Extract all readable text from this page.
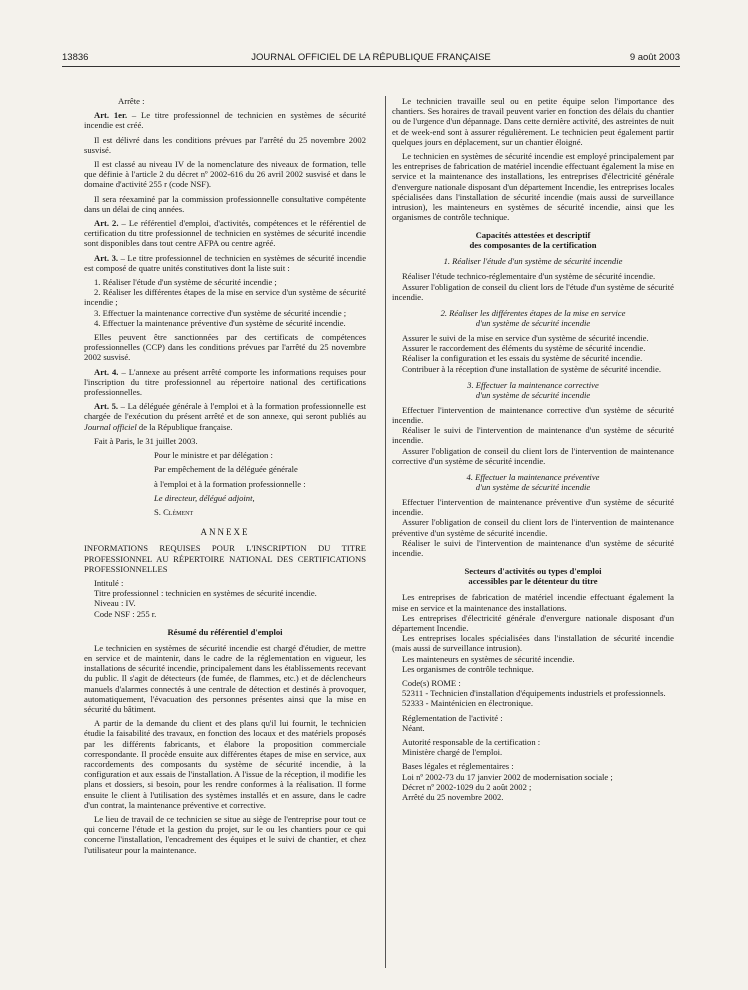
13836	JOURNAL OFFICIEL DE LA RÉPUBLIQUE FRANÇAISE	9 août 2003

Arrête :

Art. 1er. – Le titre professionnel de technicien en systèmes de sécurité incendie est créé.

Il est délivré dans les conditions prévues par l'arrêté du 25 novembre 2002 susvisé.

Il est classé au niveau IV de la nomenclature des niveaux de formation, telle que définie à l'article 2 du décret nº 2002-616 du 26 avril 2002 susvisé et dans le domaine d'activité 255 r (code NSF).

Il sera réexaminé par la commission professionnelle consultative compétente dans un délai de cinq années.

Art. 2. – Le référentiel d'emploi, d'activités, compétences et le référentiel de certification du titre professionnel de technicien en systèmes de sécurité incendie sont disponibles dans tout centre AFPA ou centre agréé.

Art. 3. – Le titre professionnel de technicien en systèmes de sécurité incendie est composé de quatre unités constitutives dont la liste suit :

1. Réaliser l'étude d'un système de sécurité incendie ;

2. Réaliser les différentes étapes de la mise en service d'un système de sécurité incendie ;

3. Effectuer la maintenance corrective d'un système de sécurité incendie ;

4. Effectuer la maintenance préventive d'un système de sécurité incendie.

Elles peuvent être sanctionnées par des certificats de compétences professionnelles (CCP) dans les conditions prévues par l'arrêté du 25 novembre 2002 susvisé.

Art. 4. – L'annexe au présent arrêté comporte les informations requises pour l'inscription du titre professionnel au répertoire national des certifications professionnelles.

Art. 5. – La déléguée générale à l'emploi et à la formation professionnelle est chargée de l'exécution du présent arrêté et de son annexe, qui seront publiés au Journal officiel de la République française.

Fait à Paris, le 31 juillet 2003.

Pour le ministre et par délégation :

Par empêchement de la déléguée générale

à l'emploi et à la formation professionnelle :

Le directeur, délégué adjoint,

S. Clément

ANNEXE

INFORMATIONS REQUISES POUR L'INSCRIPTION DU TITRE PROFESSIONNEL AU RÉPERTOIRE NATIONAL DES CERTIFICATIONS PROFESSIONNELLES

Intitulé :

Titre professionnel : technicien en systèmes de sécurité incendie.

Niveau : IV.

Code NSF : 255 r.

Résumé du référentiel d'emploi

Le technicien en systèmes de sécurité incendie est chargé d'étudier, de mettre en service et de maintenir, dans le cadre de la réglementation en vigueur, les installations de sécurité incendie, principalement dans les établissements recevant du public. Il s'agit de détecteurs (de fumée, de flammes, etc.) et de déclencheurs manuels d'alarmes connectés à une centrale de détection et destinés à provoquer, automatiquement, l'évacuation des personnes présentes ainsi que la mise en sécurité du bâtiment.

A partir de la demande du client et des plans qu'il lui fournit, le technicien étudie la faisabilité des travaux, en fonction des locaux et des matériels proposés par les différents fabricants, et élabore la proposition commerciale correspondante. Il procède ensuite aux différentes étapes de mise en service, aux raccordements des composants du système de sécurité incendie, à la configuration et aux essais de l'installation. A l'issue de la réception, il modifie les plans et dossiers, si besoin, pour les rendre conformes à la réalisation. Il forme ensuite le client à l'utilisation des systèmes installés et en assure, dans le cadre d'un contrat, la maintenance préventive et corrective.

Le lieu de travail de ce technicien se situe au siège de l'entreprise pour tout ce qui concerne l'étude et la gestion du projet, sur le ou les chantiers pour ce qui concerne l'installation, l'encadrement des équipes et le suivi de chantier, et chez l'utilisateur pour la maintenance.

Le technicien travaille seul ou en petite équipe selon l'importance des chantiers. Ses horaires de travail peuvent varier en fonction des délais du chantier ou de l'urgence d'un dépannage. Dans cette dernière activité, des astreintes de nuit et de week-end sont à assurer régulièrement. Le technicien peut également partir quelques jours en déplacement, sur un chantier éloigné.

Le technicien en systèmes de sécurité incendie est employé principalement par les entreprises de fabrication de matériel incendie effectuant également la mise en service et la maintenance des installations, les entreprises d'électricité générale d'envergure nationale disposant d'un département Incendie, les entreprises locales spécialisées dans l'installation de sécurité incendie (mais aussi de surveillance intrusion), les mainteneurs en systèmes de sécurité incendie, ainsi que les organismes de contrôle technique.

Capacités attestées et descriptif
des composantes de la certification
1. Réaliser l'étude d'un système de sécurité incendie

Réaliser l'étude technico-réglementaire d'un système de sécurité incendie.

Assurer l'obligation de conseil du client lors de l'étude d'un système de sécurité incendie.

2. Réaliser les différentes étapes de la mise en service
d'un système de sécurité incendie

Assurer le suivi de la mise en service d'un système de sécurité incendie.

Assurer le raccordement des éléments du système de sécurité incendie.

Réaliser la configuration et les essais du système de sécurité incendie.

Contribuer à la réception d'une installation de système de sécurité incendie.

3. Effectuer la maintenance corrective
d'un système de sécurité incendie

Effectuer l'intervention de maintenance corrective d'un système de sécurité incendie.

Réaliser le suivi de l'intervention de maintenance d'un système de sécurité incendie.

Assurer l'obligation de conseil du client lors de l'intervention de maintenance corrective d'un système de sécurité incendie.

4. Effectuer la maintenance préventive
d'un système de sécurité incendie

Effectuer l'intervention de maintenance préventive d'un système de sécurité incendie.

Assurer l'obligation de conseil du client lors de l'intervention de maintenance préventive d'un système de sécurité incendie.

Réaliser le suivi de l'intervention de maintenance d'un système de sécurité incendie.

Secteurs d'activités ou types d'emploi
accessibles par le détenteur du titre

Les entreprises de fabrication de matériel incendie effectuant également la mise en service et la maintenance des installations.

Les entreprises d'électricité générale d'envergure nationale disposant d'un département Incendie.

Les entreprises locales spécialisées dans l'installation de sécurité incendie (mais aussi de surveillance intrusion).

Les mainteneurs en systèmes de sécurité incendie.

Les organismes de contrôle technique.

Code(s) ROME :

52311 - Technicien d'installation d'équipements industriels et professionnels.

52333 - Mainténicien en électronique.

Réglementation de l'activité :

Néant.

Autorité responsable de la certification :

Ministère chargé de l'emploi.

Bases légales et réglementaires :

Loi nº 2002-73 du 17 janvier 2002 de modernisation sociale ;

Décret nº 2002-1029 du 2 août 2002 ;

Arrêté du 25 novembre 2002.
